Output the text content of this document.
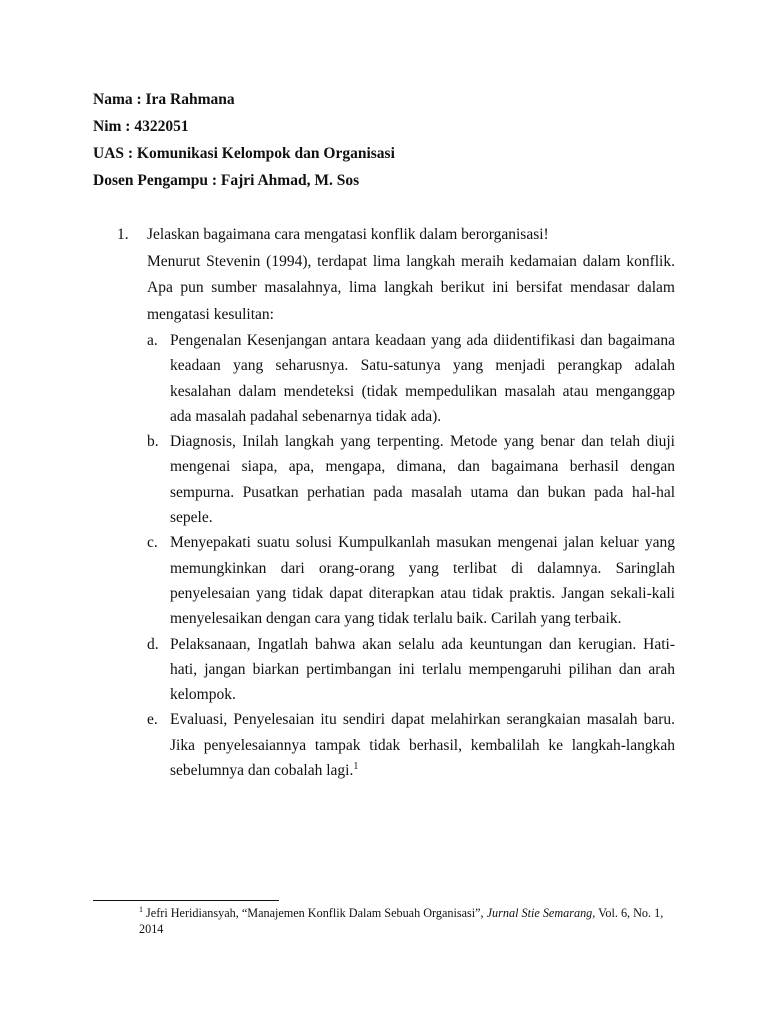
Nama : Ira Rahmana
Nim : 4322051
UAS : Komunikasi Kelompok dan Organisasi
Dosen Pengampu : Fajri Ahmad, M. Sos
1. Jelaskan bagaimana cara mengatasi konflik dalam berorganisasi!
Menurut Stevenin (1994), terdapat lima langkah meraih kedamaian dalam konflik. Apa pun sumber masalahnya, lima langkah berikut ini bersifat mendasar dalam mengatasi kesulitan:
a. Pengenalan Kesenjangan antara keadaan yang ada diidentifikasi dan bagaimana keadaan yang seharusnya. Satu-satunya yang menjadi perangkap adalah kesalahan dalam mendeteksi (tidak mempedulikan masalah atau menganggap ada masalah padahal sebenarnya tidak ada).
b. Diagnosis, Inilah langkah yang terpenting. Metode yang benar dan telah diuji mengenai siapa, apa, mengapa, dimana, dan bagaimana berhasil dengan sempurna. Pusatkan perhatian pada masalah utama dan bukan pada hal-hal sepele.
c. Menyepakati suatu solusi Kumpulkanlah masukan mengenai jalan keluar yang memungkinkan dari orang-orang yang terlibat di dalamnya. Saringlah penyelesaian yang tidak dapat diterapkan atau tidak praktis. Jangan sekali-kali menyelesaikan dengan cara yang tidak terlalu baik. Carilah yang terbaik.
d. Pelaksanaan, Ingatlah bahwa akan selalu ada keuntungan dan kerugian. Hati-hati, jangan biarkan pertimbangan ini terlalu mempengaruhi pilihan dan arah kelompok.
e. Evaluasi, Penyelesaian itu sendiri dapat melahirkan serangkaian masalah baru. Jika penyelesaiannya tampak tidak berhasil, kembalilah ke langkah-langkah sebelumnya dan cobalah lagi.$^1$
$^1$ Jefri Heridiansyah, “Manajemen Konflik Dalam Sebuah Organisasi”, Jurnal Stie Semarang, Vol. 6, No. 1, 2014
